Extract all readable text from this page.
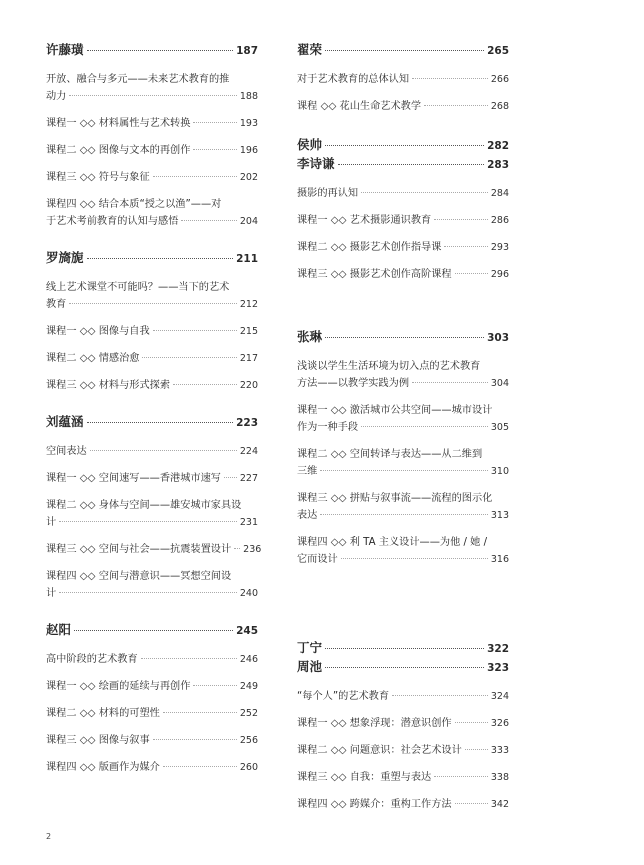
许藤璜	187
开放、融合与多元——未来艺术教育的推
动力	188
课程一 ◇◇ 材料属性与艺术转换	193
课程二 ◇◇ 图像与文本的再创作	196
课程三 ◇◇ 符号与象征	202
课程四 ◇◇ 结合本质“授之以渔”——对
于艺术考前教育的认知与感悟	204
罗旖旎	211
线上艺术课堂不可能吗？——当下的艺术
教育	212
课程一 ◇◇ 图像与自我	215
课程二 ◇◇ 情感治愈	217
课程三 ◇◇ 材料与形式探索	220
刘蕴涵	223
空间表达	224
课程一 ◇◇ 空间速写——香港城市速写 227
课程二 ◇◇ 身体与空间——雄安城市家具设
计	231
课程三 ◇◇ 空间与社会——抗震装置设计 236
课程四 ◇◇ 空间与潜意识——冥想空间设
计	240
赵阳	245
高中阶段的艺术教育	246
课程一 ◇◇ 绘画的延续与再创作	249
课程二 ◇◇ 材料的可塑性	252
课程三 ◇◇ 图像与叙事	256
课程四 ◇◇ 版画作为媒介	260
翟荣	265
对于艺术教育的总体认知	266
课程 ◇◇ 花山生命艺术教学	268
侯帅	282
李诗谦	283
摄影的再认知	284
课程一 ◇◇ 艺术摄影通识教育	286
课程二 ◇◇ 摄影艺术创作指导课	293
课程三 ◇◇ 摄影艺术创作高阶课程	296
张琳	303
浅谈以学生生活环境为切入点的艺术教育
方法——以教学实践为例	304
课程一 ◇◇ 激活城市公共空间——城市设计
作为一种手段	305
课程二 ◇◇ 空间转译与表达——从二维到
三维	310
课程三 ◇◇ 拼贴与叙事流——流程的图示化
表达	313
课程四 ◇◇ 利 TA 主义设计——为他 / 她 /
它而设计	316
丁宁	322
周池	323
“每个人”的艺术教育	324
课程一 ◇◇ 想象浮现：潜意识创作	326
课程二 ◇◇ 问题意识：社会艺术设计	333
课程三 ◇◇ 自我：重塑与表达	338
课程四 ◇◇ 跨媒介：重构工作方法	342
2
